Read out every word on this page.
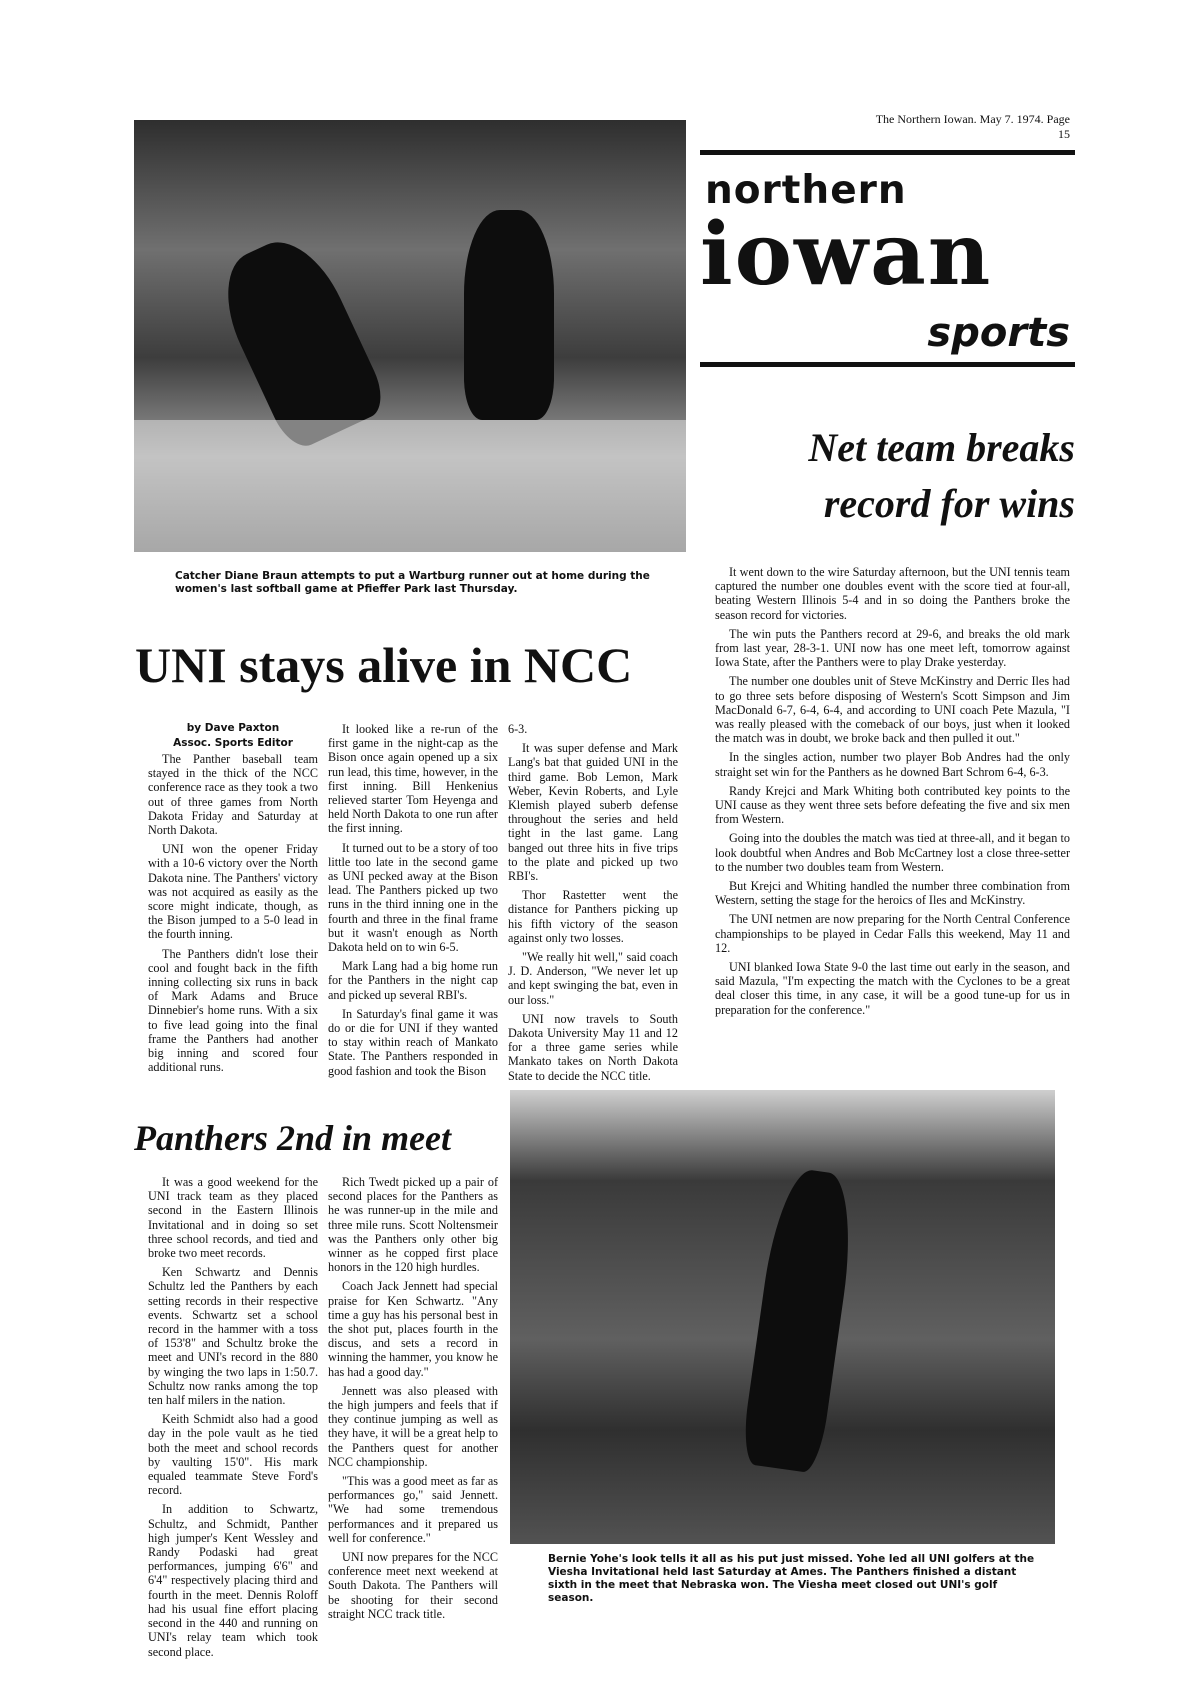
The Northern Iowan. May 7. 1974. Page 15
northern
iowan
sports
Net team breaks
record for wins
Catcher Diane Braun attempts to put a Wartburg runner out at home during the women's last softball game at Pfieffer Park last Thursday.
UNI stays alive in NCC
by Dave Paxton
Assoc. Sports Editor

The Panther baseball team stayed in the thick of the NCC conference race as they took a two out of three games from North Dakota Friday and Saturday at North Dakota.

UNI won the opener Friday with a 10-6 victory over the North Dakota nine. The Panthers' victory was not acquired as easily as the score might indicate, though, as the Bison jumped to a 5-0 lead in the fourth inning.

The Panthers didn't lose their cool and fought back in the fifth inning collecting six runs in back of Mark Adams and Bruce Dinnebier's home runs. With a six to five lead going into the final frame the Panthers had another big inning and scored four additional runs.

It looked like a re-run of the first game in the night-cap as the Bison once again opened up a six run lead, this time, however, in the first inning. Bill Henkenius relieved starter Tom Heyenga and held North Dakota to one run after the first inning.

It turned out to be a story of too little too late in the second game as UNI pecked away at the Bison lead. The Panthers picked up two runs in the third inning one in the fourth and three in the final frame but it wasn't enough as North Dakota held on to win 6-5.

Mark Lang had a big home run for the Panthers in the night cap and picked up several RBI's.

In Saturday's final game it was do or die for UNI if they wanted to stay within reach of Mankato State. The Panthers responded in good fashion and took the Bison

6-3.

It was super defense and Mark Lang's bat that guided UNI in the third game. Bob Lemon, Mark Weber, Kevin Roberts, and Lyle Klemish played suberb defense throughout the series and held tight in the last game. Lang banged out three hits in five trips to the plate and picked up two RBI's.

Thor Rastetter went the distance for Panthers picking up his fifth victory of the season against only two losses.

"We really hit well," said coach J. D. Anderson, "We never let up and kept swinging the bat, even in our loss."

UNI now travels to South Dakota University May 11 and 12 for a three game series while Mankato takes on North Dakota State to decide the NCC title.

It went down to the wire Saturday afternoon, but the UNI tennis team captured the number one doubles event with the score tied at four-all, beating Western Illinois 5-4 and in so doing the Panthers broke the season record for victories.

The win puts the Panthers record at 29-6, and breaks the old mark from last year, 28-3-1. UNI now has one meet left, tomorrow against Iowa State, after the Panthers were to play Drake yesterday.

The number one doubles unit of Steve McKinstry and Derric Iles had to go three sets before disposing of Western's Scott Simpson and Jim MacDonald 6-7, 6-4, 6-4, and according to UNI coach Pete Mazula, "I was really pleased with the comeback of our boys, just when it looked the match was in doubt, we broke back and then pulled it out."

In the singles action, number two player Bob Andres had the only straight set win for the Panthers as he downed Bart Schrom 6-4, 6-3.

Randy Krejci and Mark Whiting both contributed key points to the UNI cause as they went three sets before defeating the five and six men from Western.

Going into the doubles the match was tied at three-all, and it began to look doubtful when Andres and Bob McCartney lost a close three-setter to the number two doubles team from Western.

But Krejci and Whiting handled the number three combination from Western, setting the stage for the heroics of Iles and McKinstry.

The UNI netmen are now preparing for the North Central Conference championships to be played in Cedar Falls this weekend, May 11 and 12.

UNI blanked Iowa State 9-0 the last time out early in the season, and said Mazula, "I'm expecting the match with the Cyclones to be a great deal closer this time, in any case, it will be a good tune-up for us in preparation for the conference."

Panthers 2nd in meet

It was a good weekend for the UNI track team as they placed second in the Eastern Illinois Invitational and in doing so set three school records, and tied and broke two meet records.

Ken Schwartz and Dennis Schultz led the Panthers by each setting records in their respective events. Schwartz set a school record in the hammer with a toss of 153'8" and Schultz broke the meet and UNI's record in the 880 by winging the two laps in 1:50.7. Schultz now ranks among the top ten half milers in the nation.

Keith Schmidt also had a good day in the pole vault as he tied both the meet and school records by vaulting 15'0". His mark equaled teammate Steve Ford's record.

In addition to Schwartz, Schultz, and Schmidt, Panther high jumper's Kent Wessley and Randy Podaski had great performances, jumping 6'6" and 6'4" respectively placing third and fourth in the meet. Dennis Roloff had his usual fine effort placing second in the 440 and running on UNI's relay team which took second place.

Rich Twedt picked up a pair of second places for the Panthers as he was runner-up in the mile and three mile runs. Scott Noltensmeir was the Panthers only other big winner as he copped first place honors in the 120 high hurdles.

Coach Jack Jennett had special praise for Ken Schwartz. "Any time a guy has his personal best in the shot put, places fourth in the discus, and sets a record in winning the hammer, you know he has had a good day."

Jennett was also pleased with the high jumpers and feels that if they continue jumping as well as they have, it will be a great help to the Panthers quest for another NCC championship.

"This was a good meet as far as performances go," said Jennett. "We had some tremendous performances and it prepared us well for conference."

UNI now prepares for the NCC conference meet next weekend at South Dakota. The Panthers will be shooting for their second straight NCC track title.

Bernie Yohe's look tells it all as his put just missed. Yohe led all UNI golfers at the Viesha Invitational held last Saturday at Ames. The Panthers finished a distant sixth in the meet that Nebraska won. The Viesha meet closed out UNI's golf season.
